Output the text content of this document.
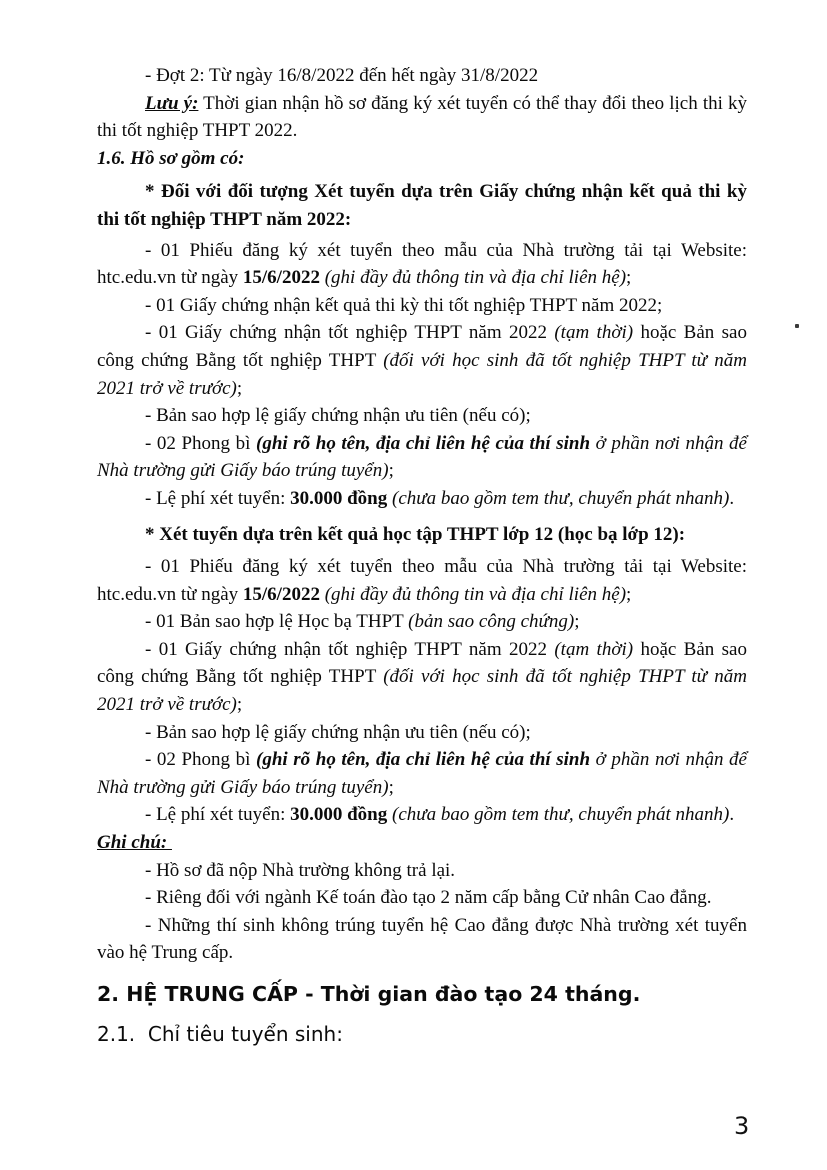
- Đợt 2: Từ ngày 16/8/2022 đến hết ngày 31/8/2022

Lưu ý: Thời gian nhận hồ sơ đăng ký xét tuyển có thể thay đổi theo lịch thi kỳ thi tốt nghiệp THPT 2022.

1.6. Hồ sơ gồm có:

* Đối với đối tượng Xét tuyển dựa trên Giấy chứng nhận kết quả thi kỳ thi tốt nghiệp THPT năm 2022:

- 01 Phiếu đăng ký xét tuyển theo mẫu của Nhà trường tải tại Website: htc.edu.vn từ ngày 15/6/2022 (ghi đầy đủ thông tin và địa chỉ liên hệ);

- 01 Giấy chứng nhận kết quả thi kỳ thi tốt nghiệp THPT năm 2022;

- 01 Giấy chứng nhận tốt nghiệp THPT năm 2022 (tạm thời) hoặc Bản sao công chứng Bằng tốt nghiệp THPT (đối với học sinh đã tốt nghiệp THPT từ năm 2021 trở về trước);

- Bản sao hợp lệ giấy chứng nhận ưu tiên (nếu có);

- 02 Phong bì (ghi rõ họ tên, địa chỉ liên hệ của thí sinh ở phần nơi nhận để Nhà trường gửi Giấy báo trúng tuyển);

- Lệ phí xét tuyển: 30.000 đồng (chưa bao gồm tem thư, chuyển phát nhanh).

* Xét tuyển dựa trên kết quả học tập THPT lớp 12 (học bạ lớp 12):

- 01 Phiếu đăng ký xét tuyển theo mẫu của Nhà trường tải tại Website: htc.edu.vn từ ngày 15/6/2022 (ghi đầy đủ thông tin và địa chỉ liên hệ);

- 01 Bản sao hợp lệ Học bạ THPT (bản sao công chứng);

- 01 Giấy chứng nhận tốt nghiệp THPT năm 2022 (tạm thời) hoặc Bản sao công chứng Bằng tốt nghiệp THPT (đối với học sinh đã tốt nghiệp THPT từ năm 2021 trở về trước);

- Bản sao hợp lệ giấy chứng nhận ưu tiên (nếu có);

- 02 Phong bì (ghi rõ họ tên, địa chỉ liên hệ của thí sinh ở phần nơi nhận để Nhà trường gửi Giấy báo trúng tuyển);

- Lệ phí xét tuyển: 30.000 đồng (chưa bao gồm tem thư, chuyển phát nhanh).

Ghi chú:

- Hồ sơ đã nộp Nhà trường không trả lại.

- Riêng đối với ngành Kế toán đào tạo 2 năm cấp bằng Cử nhân Cao đẳng.

- Những thí sinh không trúng tuyển hệ Cao đẳng được Nhà trường xét tuyển vào hệ Trung cấp.

2. HỆ TRUNG CẤP - Thời gian đào tạo 24 tháng.

2.1.  Chỉ tiêu tuyển sinh:

3
